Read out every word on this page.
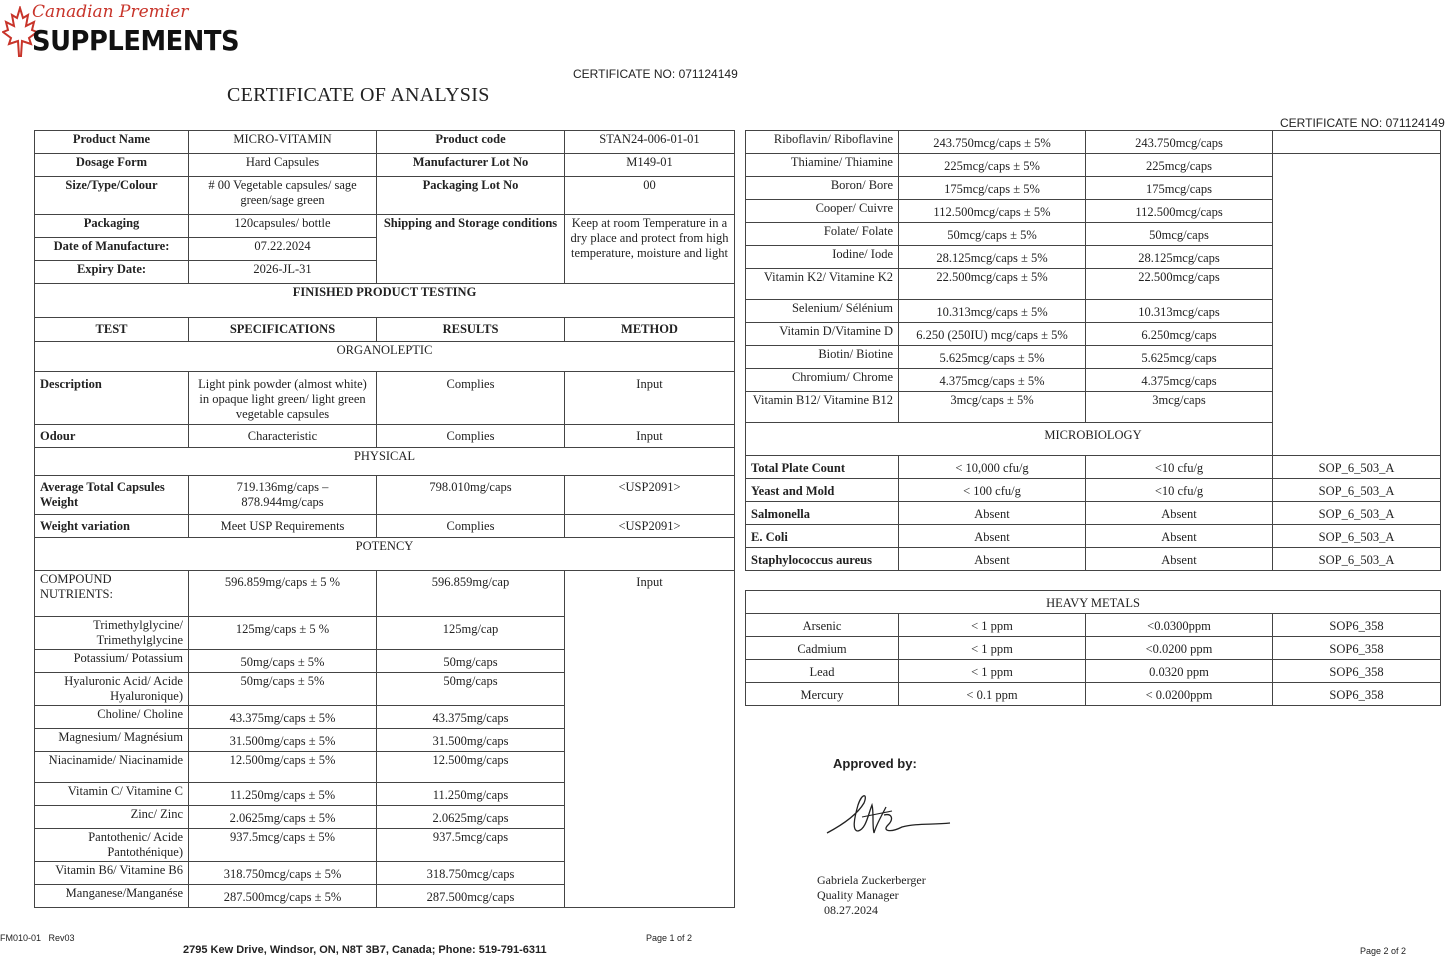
Canadian Premier
SUPPLEMENTS
CERTIFICATE NO: 071124149
CERTIFICATE OF ANALYSIS
CERTIFICATE NO: 071124149
Product Name	MICRO-VITAMIN	Product code	STAN24-006-01-01
Dosage Form	Hard Capsules	Manufacturer Lot No	M149-01
Size/Type/Colour	# 00 Vegetable capsules/ sage green/sage green	Packaging Lot No	00
Packaging	120capsules/ bottle	Shipping and Storage conditions	Keep at room Temperature in a dry place and protect from high temperature, moisture and light
Date of Manufacture:	07.22.2024		
Expiry Date:	2026-JL-31		
FINISHED PRODUCT TESTING			
TEST	SPECIFICATIONS	RESULTS	METHOD
ORGANOLEPTIC			
Description	Light pink powder (almost white) in opaque light green/ light green vegetable capsules	Complies	Input
Odour	Characteristic	Complies	Input
PHYSICAL			
Average Total Capsules Weight	719.136mg/caps – 878.944mg/caps	798.010mg/caps	<USP2091>
Weight variation	Meet USP Requirements	Complies	<USP2091>
POTENCY			
COMPOUND NUTRIENTS:	596.859mg/caps ± 5 %	596.859mg/cap	Input
Trimethylglycine/ Trimethylglycine	125mg/caps ± 5 %	125mg/cap	
Potassium/ Potassium	50mg/caps ± 5%	50mg/caps	
Hyaluronic Acid/ Acide Hyaluronique)	50mg/caps ± 5%	50mg/caps	
Choline/ Choline	43.375mg/caps ± 5%	43.375mg/caps	
Magnesium/ Magnésium	31.500mg/caps ± 5%	31.500mg/caps	
Niacinamide/ Niacinamide	12.500mg/caps ± 5%	12.500mg/caps	
Vitamin C/ Vitamine C	11.250mg/caps ± 5%	11.250mg/caps	
Zinc/ Zinc	2.0625mg/caps ± 5%	2.0625mg/caps	
Pantothenic/ Acide Pantothénique)	937.5mcg/caps ± 5%	937.5mcg/caps	
Vitamin B6/ Vitamine B6	318.750mcg/caps ± 5%	318.750mcg/caps	
Manganese/Manganése	287.500mcg/caps ± 5%	287.500mcg/caps	
Riboflavin/ Riboflavine	243.750mcg/caps ± 5%	243.750mcg/caps	
Thiamine/ Thiamine	225mcg/caps ± 5%	225mcg/caps	
Boron/ Bore	175mcg/caps ± 5%	175mcg/caps	
Cooper/ Cuivre	112.500mcg/caps ± 5%	112.500mcg/caps	
Folate/ Folate	50mcg/caps ± 5%	50mcg/caps	
Iodine/ Iode	28.125mcg/caps ± 5%	28.125mcg/caps	
Vitamin K2/ Vitamine K2	22.500mcg/caps ± 5%	22.500mcg/caps	
Selenium/ Sélénium	10.313mcg/caps ± 5%	10.313mcg/caps	
Vitamin D/Vitamine D	6.250 (250IU) mcg/caps ± 5%	6.250mcg/caps	
Biotin/ Biotine	5.625mcg/caps ± 5%	5.625mcg/caps	
Chromium/ Chrome	4.375mcg/caps ± 5%	4.375mcg/caps	
Vitamin B12/ Vitamine B12	3mcg/caps ± 5%	3mcg/caps	
MICROBIOLOGY			
Total Plate Count	< 10,000 cfu/g	<10 cfu/g	SOP_6_503_A
Yeast and Mold	< 100 cfu/g	<10 cfu/g	SOP_6_503_A
Salmonella	Absent	Absent	SOP_6_503_A
E. Coli	Absent	Absent	SOP_6_503_A
Staphylococcus aureus	Absent	Absent	SOP_6_503_A
HEAVY METALS			
Arsenic	< 1 ppm	<0.0300ppm	SOP6_358
Cadmium	< 1 ppm	<0.0200 ppm	SOP6_358
Lead	< 1 ppm	0.0320 ppm	SOP6_358
Mercury	< 0.1 ppm	< 0.0200ppm	SOP6_358
Approved by:
Gabriela Zuckerberger
Quality Manager
08.27.2024
FM010-01   Rev03	Page 1 of 2
2795 Kew Drive, Windsor, ON, N8T 3B7, Canada; Phone: 519-791-6311	Page 2 of 2
